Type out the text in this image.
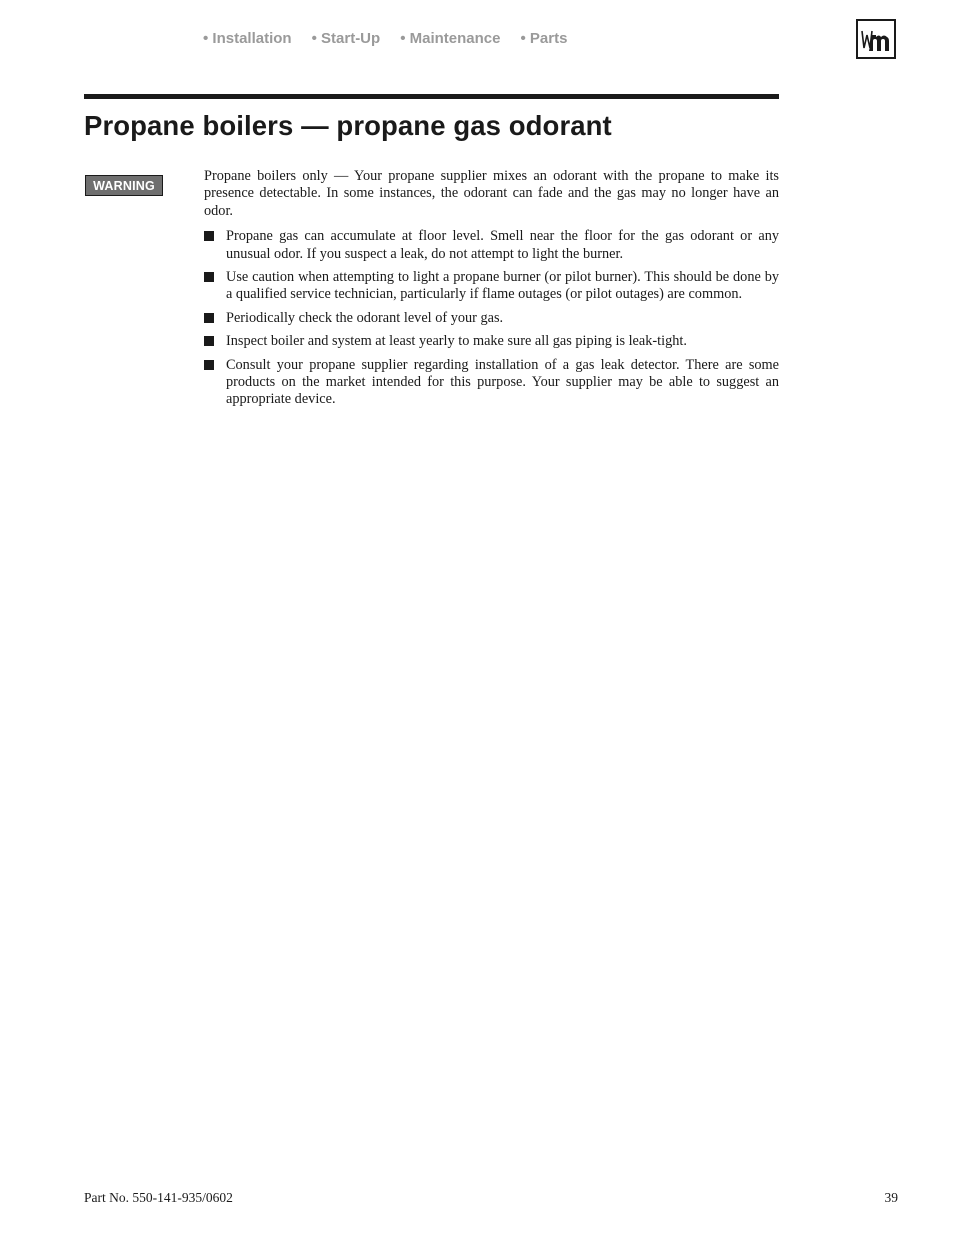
• Installation • Start-Up • Maintenance • Parts
Propane boilers — propane gas odorant
WARNING

Propane boilers only — Your propane supplier mixes an odorant with the propane to make its presence detectable. In some instances, the odorant can fade and the gas may no longer have an odor.

Propane gas can accumulate at floor level. Smell near the floor for the gas odorant or any unusual odor. If you suspect a leak, do not attempt to light the burner.
Use caution when attempting to light a propane burner (or pilot burner). This should be done by a qualified service technician, particularly if flame outages (or pilot outages) are common.
Periodically check the odorant level of your gas.
Inspect boiler and system at least yearly to make sure all gas piping is leak-tight.
Consult your propane supplier regarding installation of a gas leak detector. There are some products on the market intended for this purpose. Your supplier may be able to suggest an appropriate device.
Part No. 550-141-935/0602	39
